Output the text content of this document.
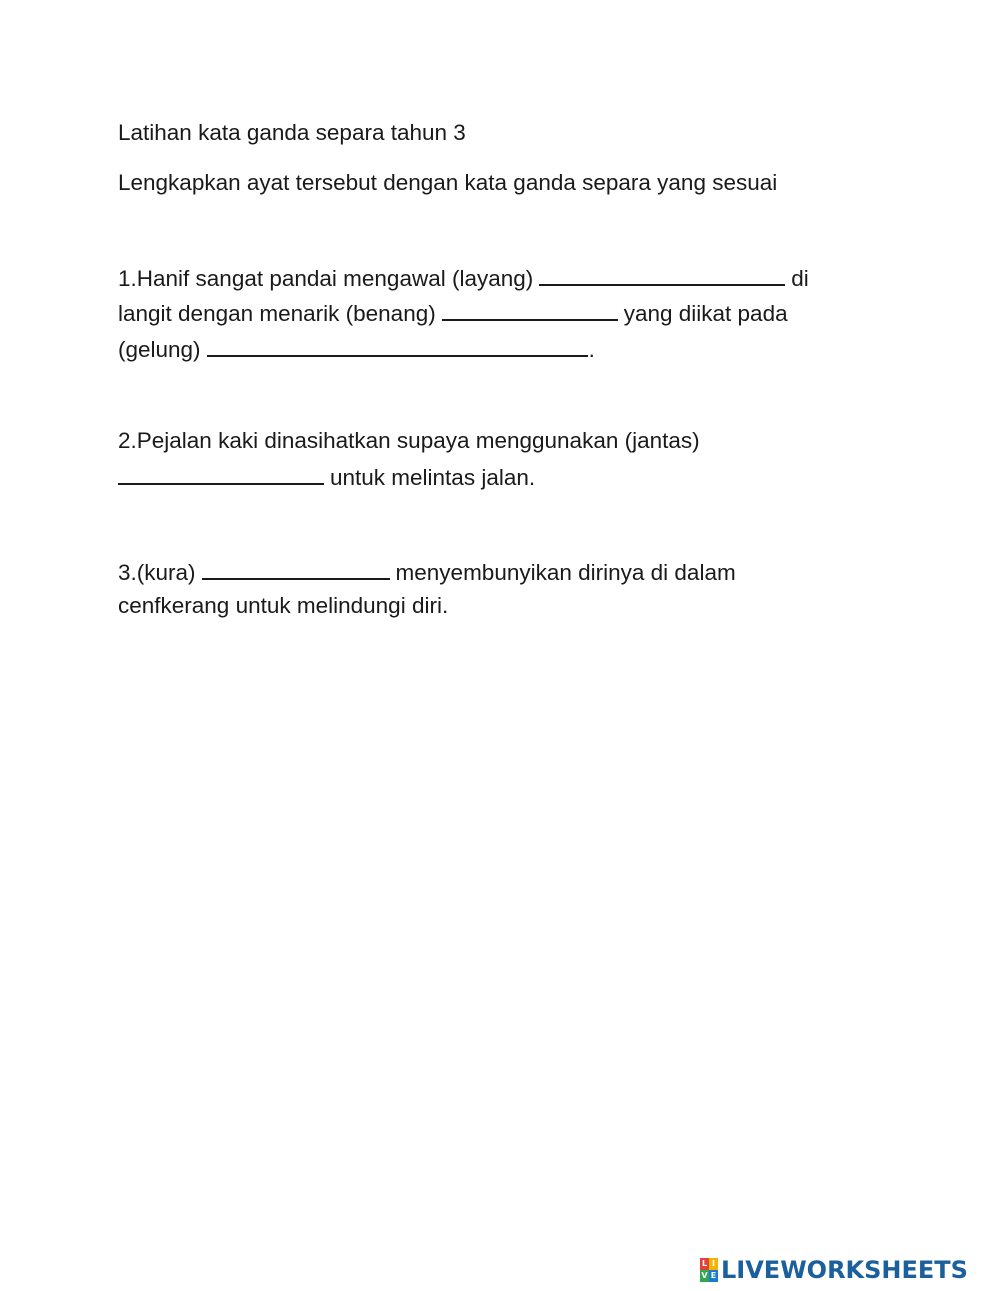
Latihan kata ganda separa tahun 3
Lengkapkan ayat tersebut dengan kata ganda separa yang sesuai
1.Hanif sangat pandai mengawal (layang)	di
langit dengan menarik (benang)	yang diikat pada
(gelung)	.
2.Pejalan kaki dinasihatkan supaya menggunakan (jantas)
untuk melintas jalan.
3.(kura)	menyembunyikan dirinya di dalam
cenfkerang untuk melindungi diri.
L I
V E LIVEWORKSHEETS
